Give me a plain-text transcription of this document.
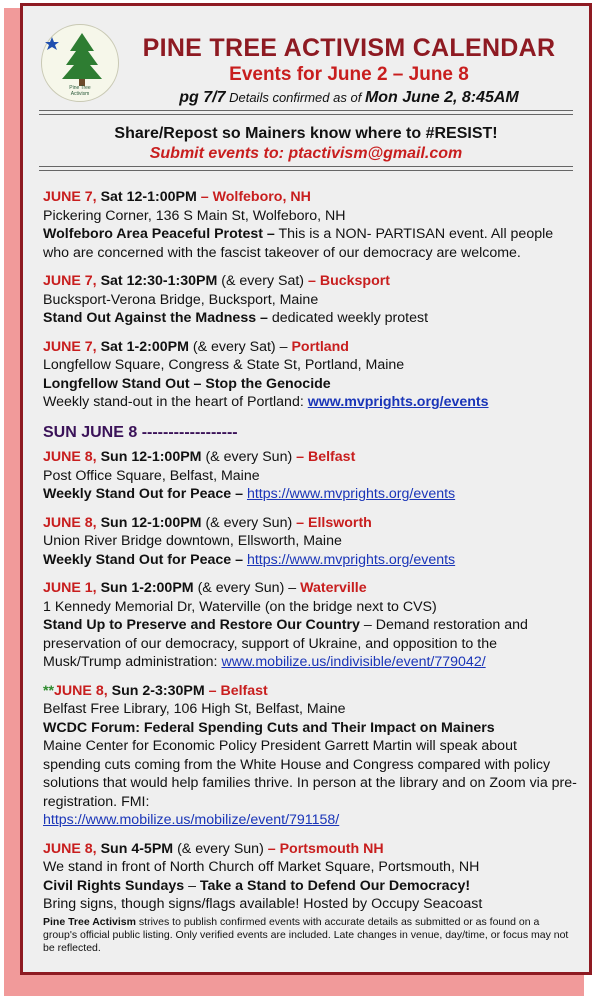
Pine Tree
Activism
PINE TREE ACTIVISM CALENDAR
Events for June 2 – June 8
pg 7/7 Details confirmed as of Mon June 2, 8:45AM
Share/Repost so Mainers know where to #RESIST!
Submit events to: ptactivism@gmail.com
JUNE 7, Sat 12-1:00PM – Wolfeboro, NH
Pickering Corner, 136 S Main St, Wolfeboro, NH
Wolfeboro Area Peaceful Protest – This is a NON- PARTISAN event. All people who are concerned with the fascist takeover of our democracy are welcome.
JUNE 7, Sat 12:30-1:30PM (& every Sat) – Bucksport
Bucksport-Verona Bridge, Bucksport, Maine
Stand Out Against the Madness – dedicated weekly protest
JUNE 7, Sat 1-2:00PM (& every Sat) – Portland
Longfellow Square, Congress & State St, Portland, Maine
Longfellow Stand Out – Stop the Genocide
Weekly stand-out in the heart of Portland: www.mvprights.org/events
SUN JUNE 8 ------------------
JUNE 8, Sun 12-1:00PM (& every Sun) – Belfast
Post Office Square, Belfast, Maine
Weekly Stand Out for Peace – https://www.mvprights.org/events
JUNE 8, Sun 12-1:00PM (& every Sun) – Ellsworth
Union River Bridge downtown, Ellsworth, Maine
Weekly Stand Out for Peace – https://www.mvprights.org/events
JUNE 1, Sun 1-2:00PM (& every Sun) – Waterville
1 Kennedy Memorial Dr, Waterville (on the bridge next to CVS)
Stand Up to Preserve and Restore Our Country – Demand restoration and preservation of our democracy, support of Ukraine, and opposition to the Musk/Trump administration: www.mobilize.us/indivisible/event/779042/
**JUNE 8, Sun 2-3:30PM – Belfast
Belfast Free Library, 106 High St, Belfast, Maine
WCDC Forum: Federal Spending Cuts and Their Impact on Mainers
Maine Center for Economic Policy President Garrett Martin will speak about spending cuts coming from the White House and Congress compared with policy solutions that would help families thrive. In person at the library and on Zoom via pre-registration. FMI:
https://www.mobilize.us/mobilize/event/791158/
JUNE 8, Sun 4-5PM (& every Sun) – Portsmouth NH
We stand in front of North Church off Market Square, Portsmouth, NH
Civil Rights Sundays – Take a Stand to Defend Our Democracy!
Bring signs, though signs/flags available! Hosted by Occupy Seacoast
Pine Tree Activism strives to publish confirmed events with accurate details as submitted or as found on a group's official public listing. Only verified events are included. Late changes in venue, day/time, or focus may not be reflected.
